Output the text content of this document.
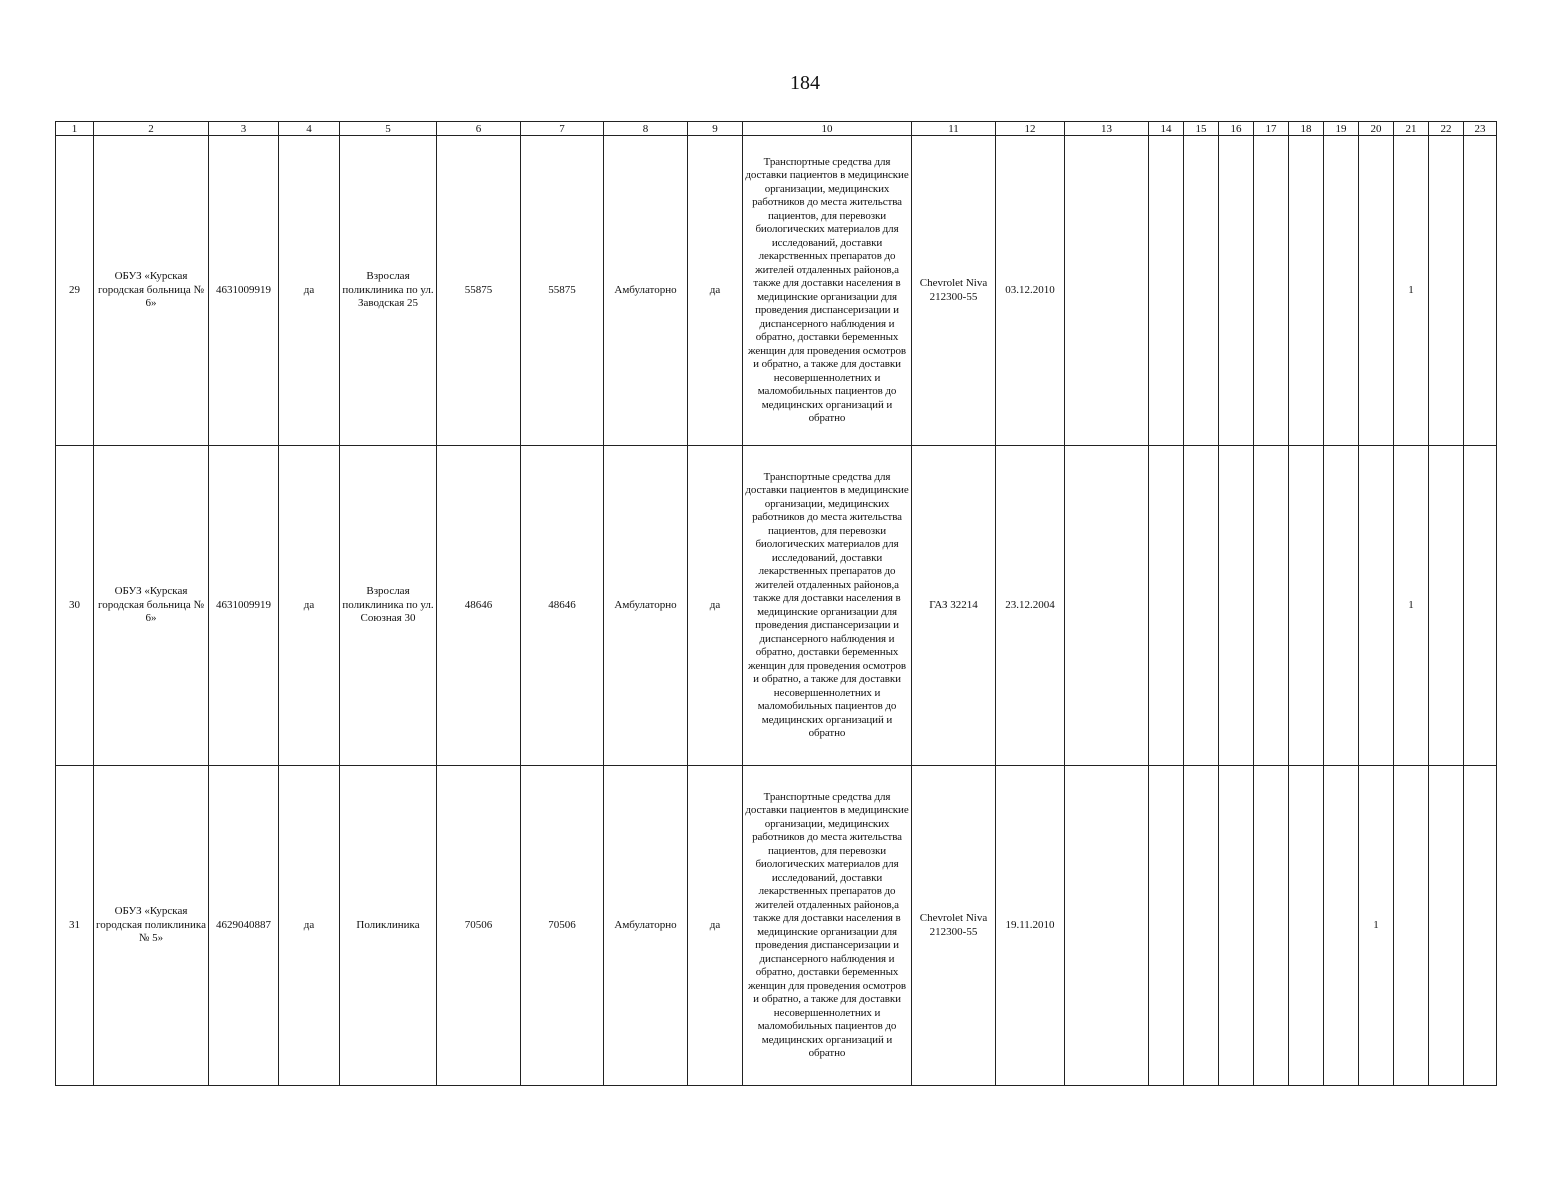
184
1	2	3	4	5	6	7	8	9	10	11	12	13	14	15	16	17	18	19	20	21	22	23
29	ОБУЗ «Курская городская больница № 6»	4631009919	да	Взрослая поликлиника по ул. Заводская 25	55875	55875	Амбулаторно	да	Транспортные средства для доставки пациентов в медицинские организации, медицинских работников до места жительства пациентов, для перевозки биологических материалов для исследований, доставки лекарственных препаратов до жителей отдаленных районов,а также для доставки населения в медицинские организации для проведения диспансеризации и диспансерного наблюдения и обратно, доставки беременных женщин для проведения осмотров и обратно, а также для доставки несовершеннолетних и маломобильных пациентов до медицинских организаций и обратно	Chevrolet Niva 212300-55	03.12.2010									1		
30	ОБУЗ «Курская городская больница № 6»	4631009919	да	Взрослая поликлиника по ул. Союзная 30	48646	48646	Амбулаторно	да	Транспортные средства для доставки пациентов в медицинские организации, медицинских работников до места жительства пациентов, для перевозки биологических материалов для исследований, доставки лекарственных препаратов до жителей отдаленных районов,а также для доставки населения в медицинские организации для проведения диспансеризации и диспансерного наблюдения и обратно, доставки беременных женщин для проведения осмотров и обратно, а также для доставки несовершеннолетних и маломобильных пациентов до медицинских организаций и обратно	ГАЗ 32214	23.12.2004									1		
31	ОБУЗ «Курская городская поликлиника № 5»	4629040887	да	Поликлиника	70506	70506	Амбулаторно	да	Транспортные средства для доставки пациентов в медицинские организации, медицинских работников до места жительства пациентов, для перевозки биологических материалов для исследований, доставки лекарственных препаратов до жителей отдаленных районов,а также для доставки населения в медицинские организации для проведения диспансеризации и диспансерного наблюдения и обратно, доставки беременных женщин для проведения осмотров и обратно, а также для доставки несовершеннолетних и маломобильных пациентов до медицинских организаций и обратно	Chevrolet Niva 212300-55	19.11.2010								1			
